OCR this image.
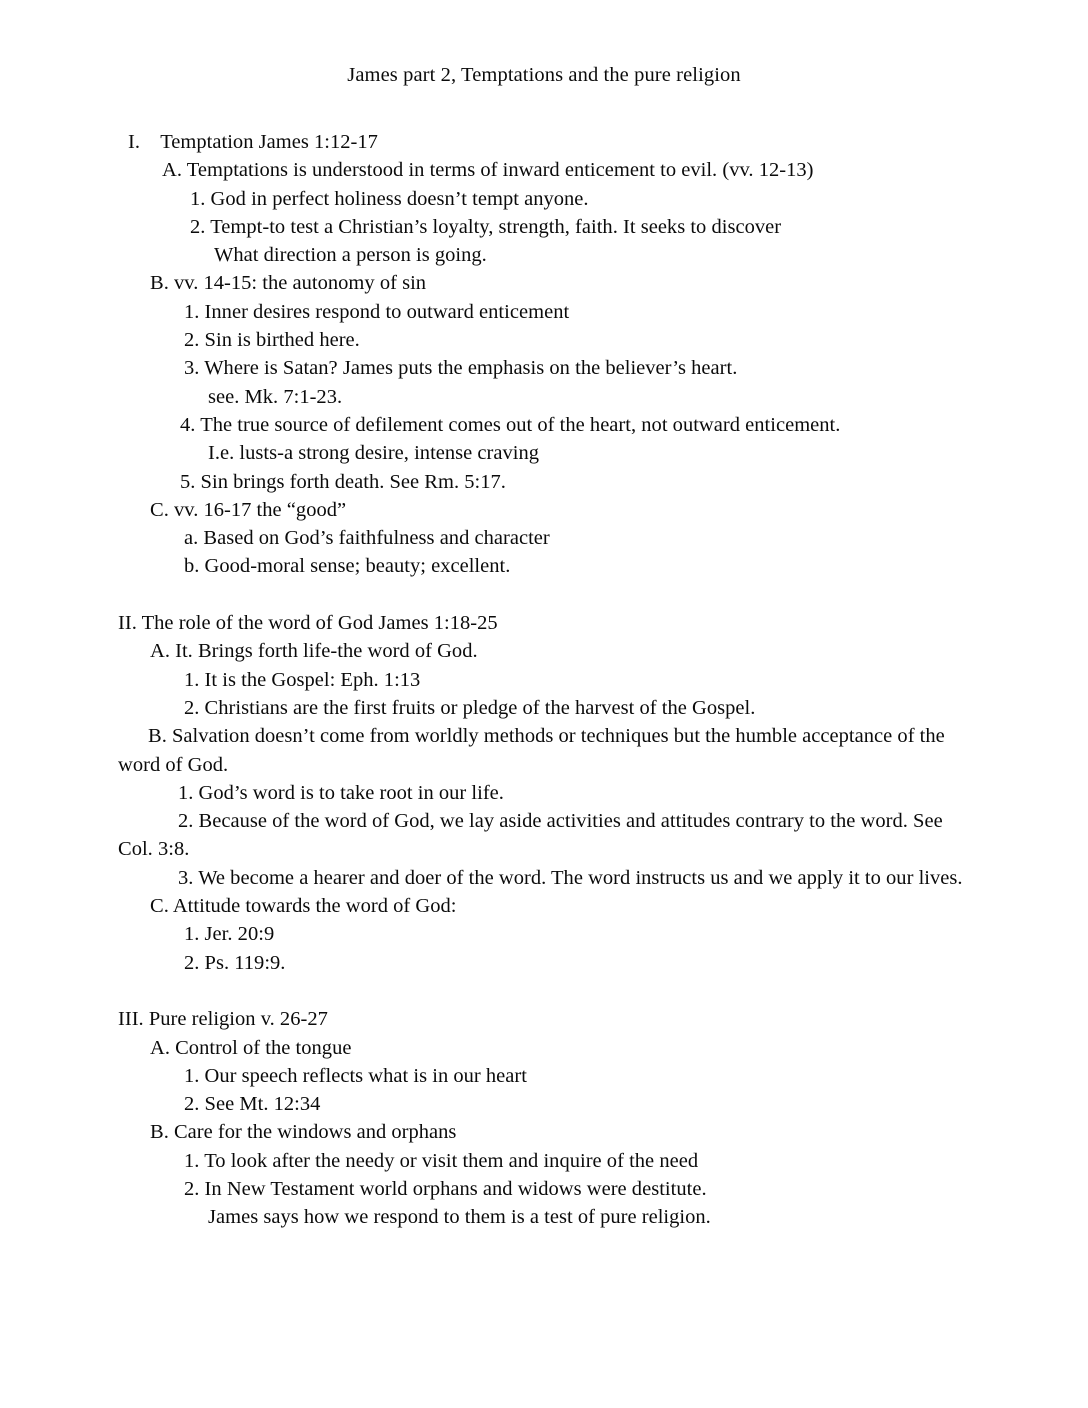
James part 2, Temptations and the pure religion
I.    Temptation James 1:12-17
A. Temptations is understood in terms of inward enticement to evil. (vv. 12-13)
1. God in perfect holiness doesn’t tempt anyone.
2. Tempt-to test a Christian’s loyalty, strength, faith. It seeks to discover
What direction a person is going.
B. vv. 14-15: the autonomy of sin
1. Inner desires respond to outward enticement
2. Sin is birthed here.
3. Where is Satan? James puts the emphasis on the believer’s heart.
see. Mk. 7:1-23.
4. The true source of defilement comes out of the heart, not outward enticement.
I.e. lusts-a strong desire, intense craving
5. Sin brings forth death. See Rm. 5:17.
C. vv. 16-17 the “good”
a. Based on God’s faithfulness and character
b. Good-moral sense; beauty; excellent.
II. The role of the word of God James 1:18-25
A. It. Brings forth life-the word of God.
1. It is the Gospel: Eph. 1:13
2. Christians are the first fruits or pledge of the harvest of the Gospel.
B. Salvation doesn’t come from worldly methods or techniques but the humble acceptance of the word of God.
1. God’s word is to take root in our life.
2. Because of the word of God, we lay aside activities and attitudes contrary to the word. See Col. 3:8.
3. We become a hearer and doer of the word. The word instructs us and we apply it to our lives.
C. Attitude towards the word of God:
1. Jer. 20:9
2. Ps. 119:9.
III. Pure religion v. 26-27
A. Control of the tongue
1. Our speech reflects what is in our heart
2. See Mt. 12:34
B. Care for the windows and orphans
1. To look after the needy or visit them and inquire of the need
2. In New Testament world orphans and widows were destitute.
James says how we respond to them is a test of pure religion.
